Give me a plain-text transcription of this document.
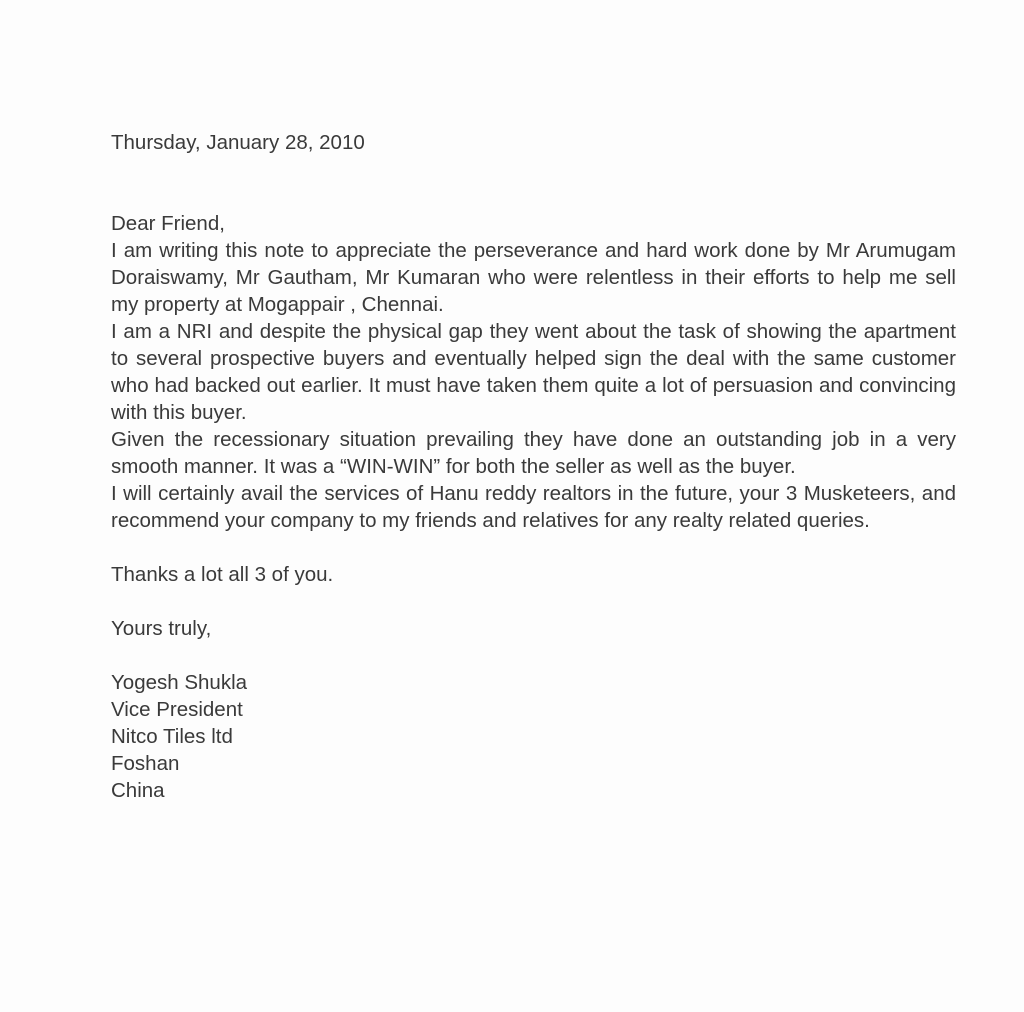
Thursday, January 28, 2010

Dear Friend,

I am writing this note to appreciate the perseverance and hard work done by Mr Arumugam Doraiswamy, Mr Gautham, Mr Kumaran who were relentless in their efforts to help me sell my property at Mogappair , Chennai.

I am a NRI and despite the physical gap they went about the task of showing the apartment to several prospective buyers and eventually helped sign the deal with the same customer who had backed out earlier. It must have taken them quite a lot of persuasion and convincing with this buyer.

Given the recessionary situation prevailing they have done an outstanding job in a very smooth manner. It was a “WIN-WIN” for both the seller as well as the buyer.

I will certainly avail the services of Hanu reddy realtors in the future, your 3 Musketeers, and recommend your company to my friends and relatives for any realty related queries.

Thanks a lot all 3 of you.

Yours truly,

Yogesh Shukla

Vice President

Nitco Tiles ltd

Foshan

China
